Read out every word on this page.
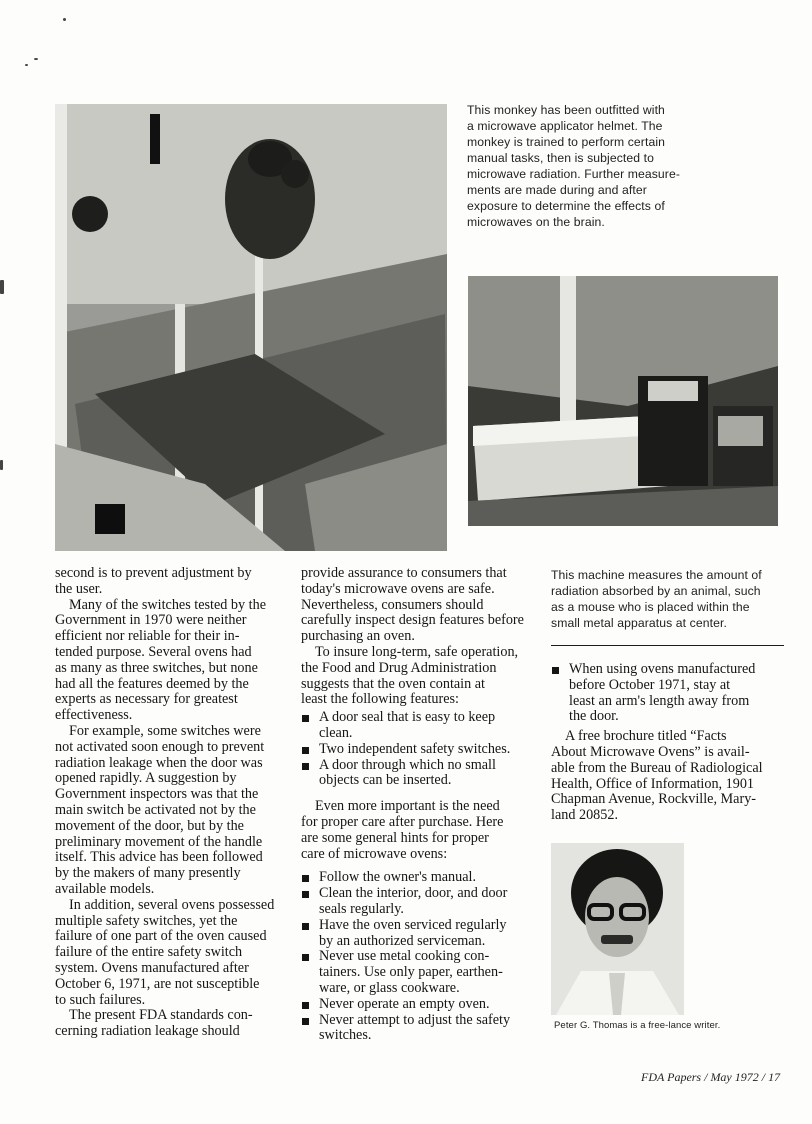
This monkey has been outfitted with
a microwave applicator helmet. The
monkey is trained to perform certain
manual tasks, then is subjected to
microwave radiation. Further measure-
ments are made during and after
exposure to determine the effects of
microwaves on the brain.

This machine measures the amount of
radiation absorbed by an animal, such
as a mouse who is placed within the
small metal apparatus at center.

Peter G. Thomas is a free-lance writer.

second is to prevent adjustment by
the user.

Many of the switches tested by the
Government in 1970 were neither
efficient nor reliable for their in-
tended purpose. Several ovens had
as many as three switches, but none
had all the features deemed by the
experts as necessary for greatest
effectiveness.

For example, some switches were
not activated soon enough to prevent
radiation leakage when the door was
opened rapidly. A suggestion by
Government inspectors was that the
main switch be activated not by the
movement of the door, but by the
preliminary movement of the handle
itself. This advice has been followed
by the makers of many presently
available models.

In addition, several ovens possessed
multiple safety switches, yet the
failure of one part of the oven caused
failure of the entire safety switch
system. Ovens manufactured after
October 6, 1971, are not susceptible
to such failures.

The present FDA standards con-
cerning radiation leakage should

provide assurance to consumers that
today's microwave ovens are safe.
Nevertheless, consumers should
carefully inspect design features before
purchasing an oven.

To insure long-term, safe operation,
the Food and Drug Administration
suggests that the oven contain at
least the following features:

A door seal that is easy to keep
clean.
Two independent safety switches.
A door through which no small
objects can be inserted.

Even more important is the need
for proper care after purchase. Here
are some general hints for proper
care of microwave ovens:

Follow the owner's manual.
Clean the interior, door, and door
seals regularly.
Have the oven serviced regularly
by an authorized serviceman.
Never use metal cooking con-
tainers. Use only paper, earthen-
ware, or glass cookware.
Never operate an empty oven.
Never attempt to adjust the safety
switches.
When using ovens manufactured
before October 1971, stay at
least an arm's length away from
the door.

A free brochure titled “Facts
About Microwave Ovens” is avail-
able from the Bureau of Radiological
Health, Office of Information, 1901
Chapman Avenue, Rockville, Mary-
land 20852.

FDA Papers / May 1972 / 17
